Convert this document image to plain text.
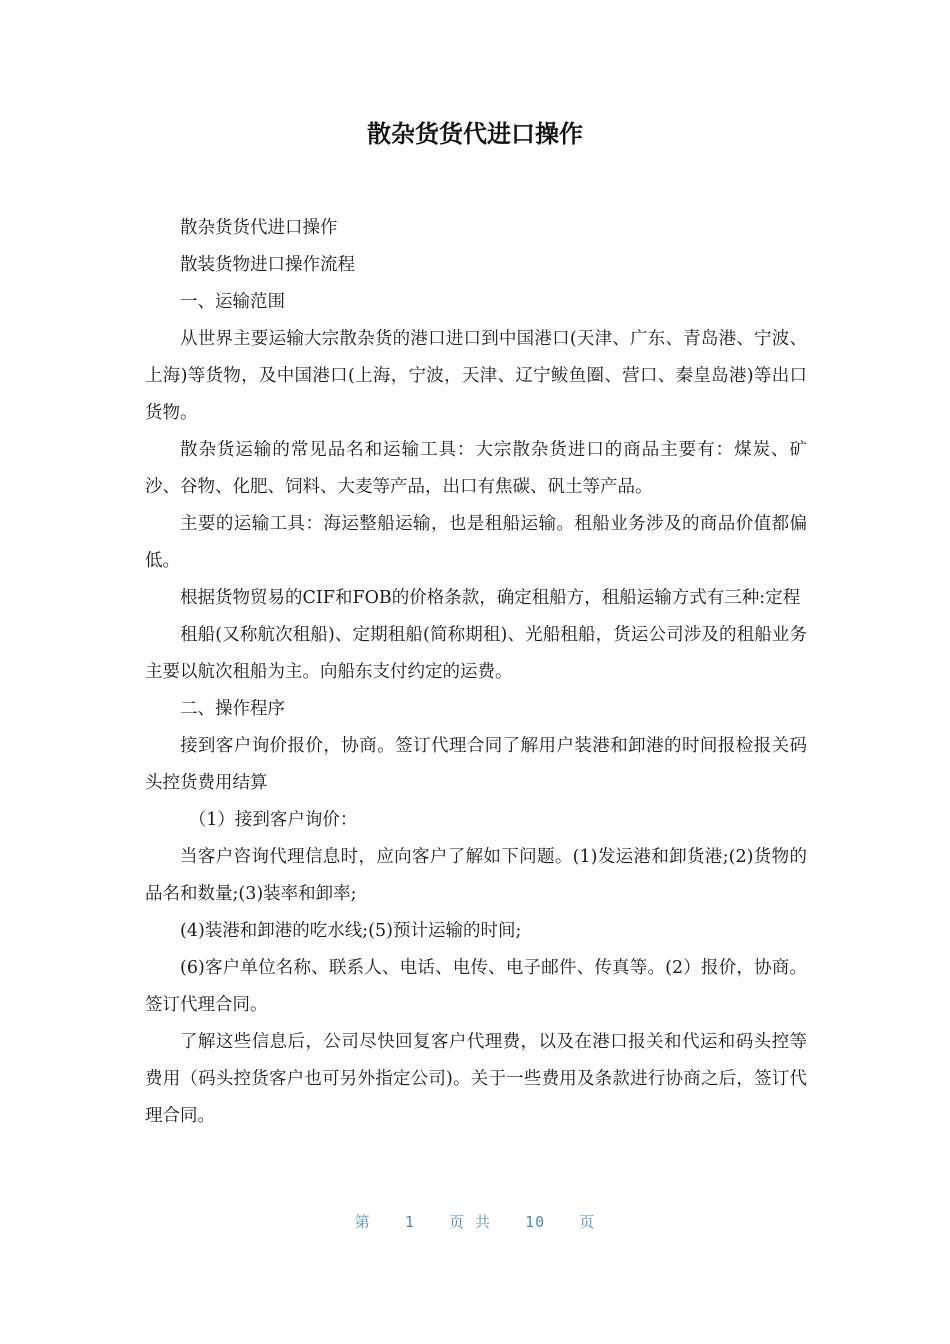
散杂货货代进口操作

散杂货货代进口操作

散装货物进口操作流程

一、运输范围

从世界主要运输大宗散杂货的港口进口到中国港口(天津、广东、青岛港、宁波、上海)等货物，及中国港口(上海，宁波，天津、辽宁鲅鱼圈、营口、秦皇岛港)等出口货物。

散杂货运输的常见品名和运输工具：大宗散杂货进口的商品主要有：煤炭、矿沙、谷物、化肥、饲料、大麦等产品，出口有焦碳、矾土等产品。

主要的运输工具：海运整船运输，也是租船运输。租船业务涉及的商品价值都偏低。

根据货物贸易的CIF和FOB的价格条款，确定租船方，租船运输方式有三种:定程

租船(又称航次租船)、定期租船(简称期租)、光船租船，货运公司涉及的租船业务主要以航次租船为主。向船东支付约定的运费。

二、操作程序

接到客户询价报价，协商。签订代理合同了解用户装港和卸港的时间报检报关码头控货费用结算

（1）接到客户询价：

当客户咨询代理信息时，应向客户了解如下问题。(1)发运港和卸货港;(2)货物的品名和数量;(3)装率和卸率;

(4)装港和卸港的吃水线;(5)预计运输的时间;

(6)客户单位名称、联系人、电话、电传、电子邮件、传真等。(2）报价，协商。签订代理合同。

了解这些信息后，公司尽快回复客户代理费，以及在港口报关和代运和码头控等费用（码头控货客户也可另外指定公司)。关于一些费用及条款进行协商之后，签订代理合同。

第 1 页 共 10 页
